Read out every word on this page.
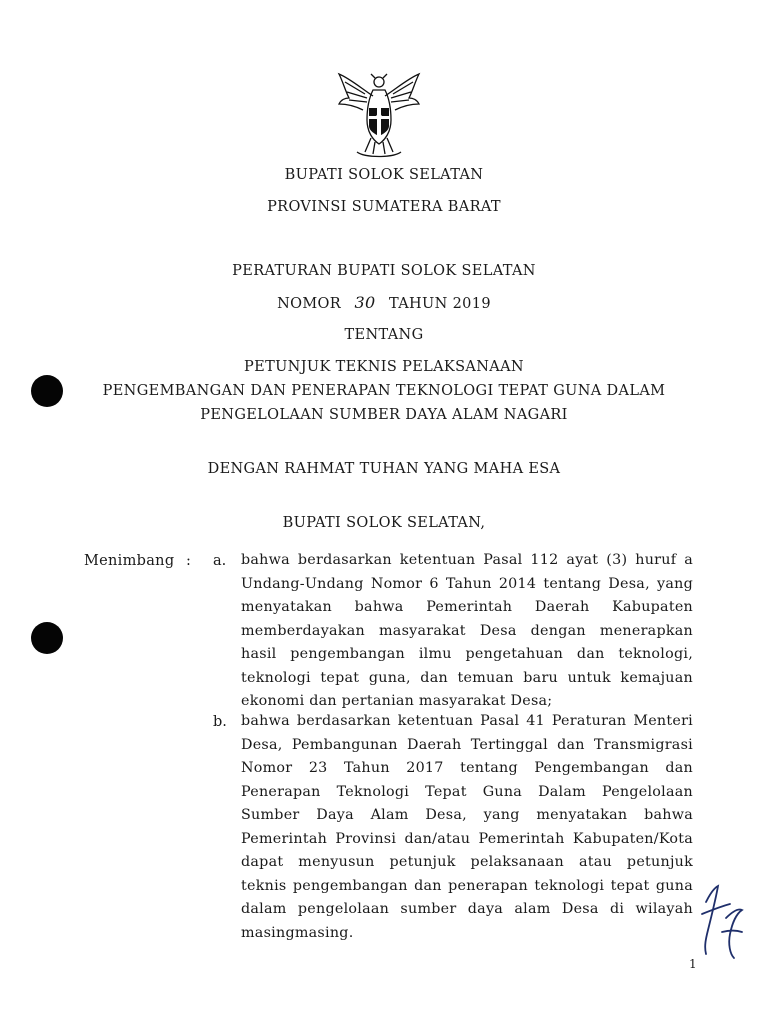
BUPATI SOLOK SELATAN
PROVINSI SUMATERA BARAT
PERATURAN BUPATI SOLOK SELATAN
NOMOR 30 TAHUN 2019
TENTANG
PETUNJUK TEKNIS PELAKSANAAN
PENGEMBANGAN DAN PENERAPAN TEKNOLOGI TEPAT GUNA DALAM
PENGELOLAAN SUMBER DAYA ALAM NAGARI
DENGAN RAHMAT TUHAN YANG MAHA ESA
BUPATI SOLOK SELATAN,
Menimbang : a. bahwa berdasarkan ketentuan Pasal 112 ayat (3) huruf a
Undang-Undang Nomor 6 Tahun 2014 tentang Desa, yang
menyatakan bahwa Pemerintah Daerah Kabupaten
memberdayakan masyarakat Desa dengan menerapkan
hasil pengembangan ilmu pengetahuan dan teknologi,
teknologi tepat guna, dan temuan baru untuk kemajuan
ekonomi dan pertanian masyarakat Desa;
b. bahwa berdasarkan ketentuan Pasal 41 Peraturan Menteri
Desa, Pembangunan Daerah Tertinggal dan Transmigrasi
Nomor 23 Tahun 2017 tentang Pengembangan dan
Penerapan Teknologi Tepat Guna Dalam Pengelolaan
Sumber Daya Alam Desa, yang menyatakan bahwa
Pemerintah Provinsi dan/atau Pemerintah Kabupaten/Kota
dapat menyusun petunjuk pelaksanaan atau petunjuk
teknis pengembangan dan penerapan teknologi tepat guna
dalam pengelolaan sumber daya alam Desa di wilayah
masingmasing.
1
